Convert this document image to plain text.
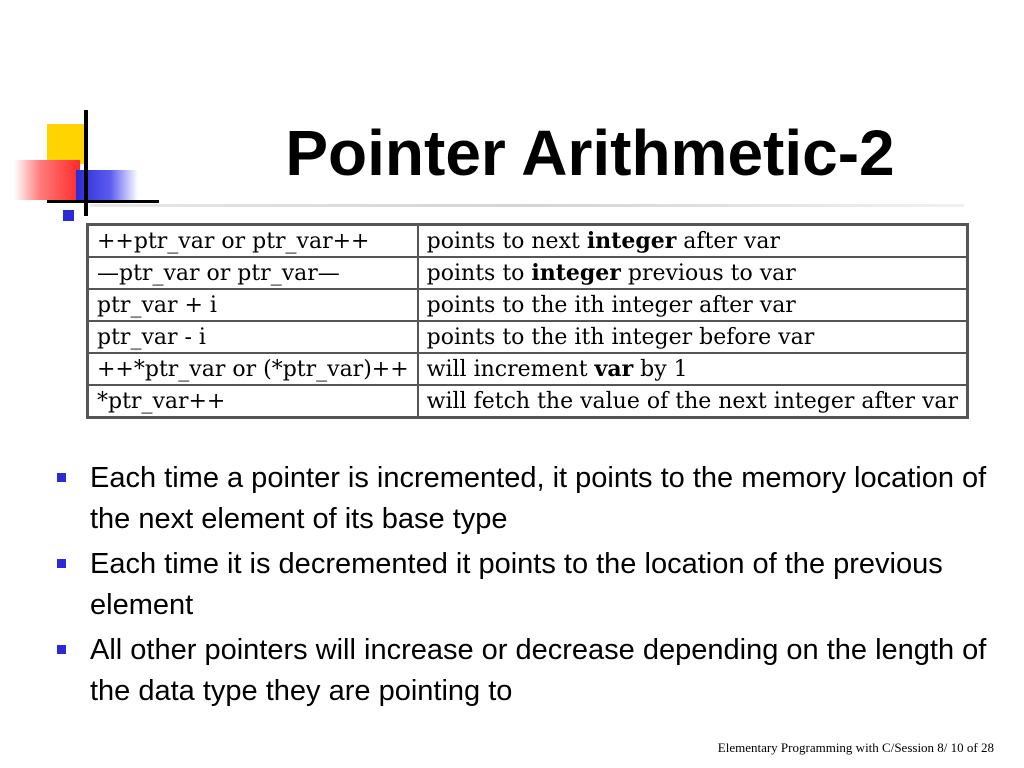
Pointer Arithmetic-2
++ptr_var or ptr_var++	points to next integer after var
—ptr_var or ptr_var—	points to integer previous to var
ptr_var + i	points to the ith integer after var
ptr_var - i	points to the ith integer before var
++*ptr_var or (*ptr_var)++	will increment var by 1
*ptr_var++	will fetch the value of the next integer after var
Each time a pointer is incremented, it points to the memory location of the next element of its base type
Each time it is decremented it points to the location of the previous element
All other pointers will increase or decrease depending on the length of the data type they are pointing to
Elementary Programming with C/Session 8/ 10 of 28
